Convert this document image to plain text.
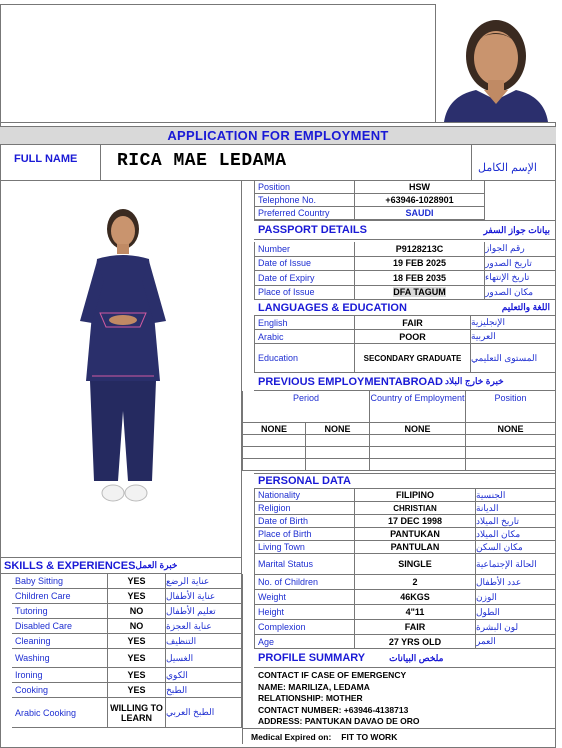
APPLICATION FOR EMPLOYMENT
FULL NAME RICA MAE LEDAMA	الإسم الكامل
Position	HSW
Telephone No.	+63946-1028901
Preferred Country	SAUDI
PASSPORT DETAILS	بيانات جواز السفر
Number	P9128213C	رقم الجواز
Date of Issue	19 FEB 2025	تاريخ الصدور
Date of Expiry	18 FEB 2035	تاريخ الإنتهاء
Place of Issue	DFA TAGUM	مكان الصدور
LANGUAGES & EDUCATION	اللغة والتعليم
English	FAIR	الإنجليزية
Arabic	POOR	العربية
Education	SECONDARY GRADUATE المستوى التعليمي
PREVIOUS EMPLOYMENTABROAD خبرة خارج البلاد
Period	Country of Employment	Position
NONE	NONE	NONE	NONE
PERSONAL DATA
Nationality	FILIPINO	الجنسية
Religion	CHRISTIAN	الديانة
Date of Birth	17 DEC 1998	تاريخ الميلاد
Place of Birth	PANTUKAN	مكان الميلاد
Living Town	PANTULAN	مكان السكن
Marital Status	SINGLE	الحالة الإجتماعية
No. of Children	2	عدد الأطفال
Weight	46KGS	الوزن
Height	4"11	الطول
Complexion	FAIR	لون البشرة
Age	27 YRS OLD	العمر
SKILLS & EXPERIENCES خبرة العمل
Baby Sitting	YES عناية الرضع
Children Care	YES عناية الأطفال
Tutoring	NO	تعليم الأطفال
Disabled Care	NO	عناية العجزة
Cleaning	YES التنظيف
Washing	YES الغسيل
Ironing	YES الكوي
Cooking	YES الطبخ
Arabic Cooking	WILLING TO LEARN
الطبخ العربي
PROFILE SUMMARY	ملخص البيانات
CONTACT IF CASE OF EMERGENCY
NAME: MARILIZA, LEDAMA
RELATIONSHIP: MOTHER
CONTACT NUMBER: +63946-4138713
ADDRESS: PANTUKAN DAVAO DE ORO
Medical Expired on: FIT TO WORK
